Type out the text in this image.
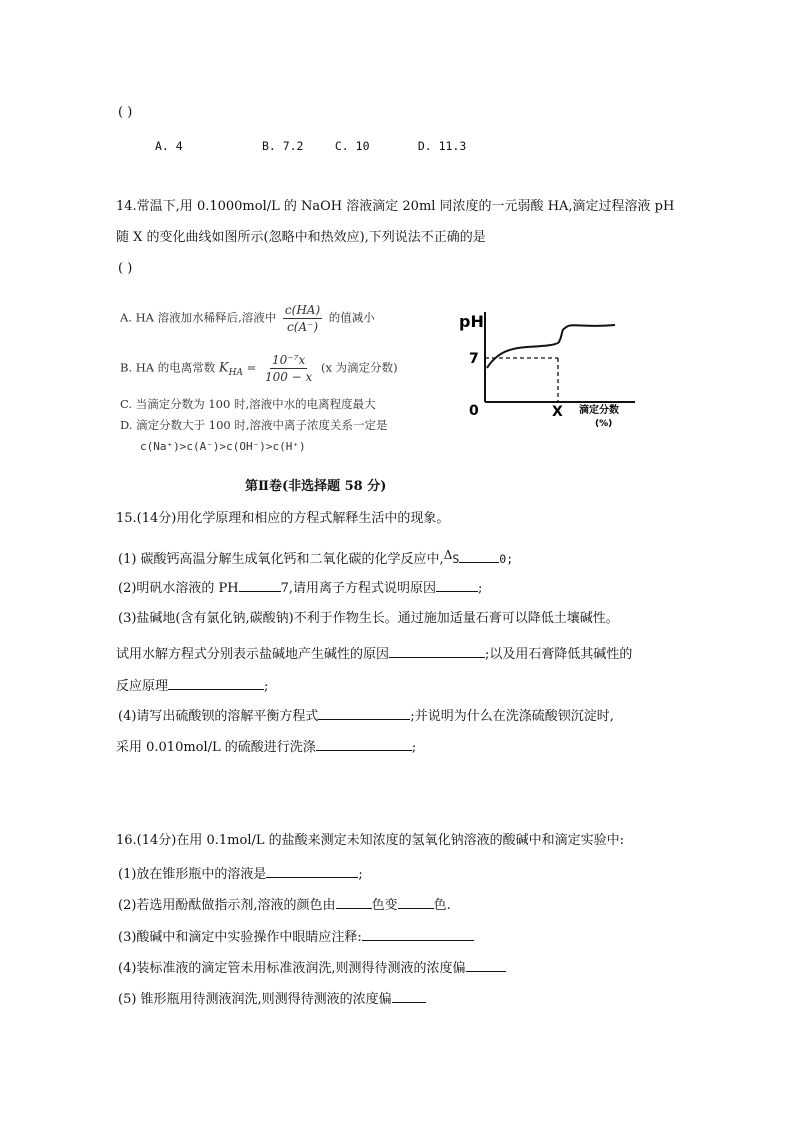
( )
A. 4	B. 7.2	C. 10	D. 11.3
14.常温下,用 0.1000mol/L 的 NaOH 溶液滴定 20ml 同浓度的一元弱酸 HA,滴定过程溶液 pH
随 X 的变化曲线如图所示(忽略中和热效应),下列说法不正确的是
( )
A. HA 溶液加水稀释后,溶液中 $\frac{c(HA)}{c(A^-)}$ 的值减小
B. HA 的电离常数 $K_{HA} = \frac{\text{10⁻⁷x}}{100 - x} (x$ 为滴定分数)
C. 当滴定分数为 100 时,溶液中水的电离程度最大
D. 滴定分数大于 100 时,溶液中离子浓度关系一定是
c(Na⁺)>c(A⁻)>c(OH⁻)>c(H⁺)
pH
7
0	X 滴定分数
(%)
第Ⅱ卷(非选择题 58 分)
15.(14分)用化学原理和相应的方程式解释生活中的现象。
(1) 碳酸钙高温分解生成氧化钙和二氧化碳的化学反应中,ΔS	0;
(2)明矾水溶液的 PH	7,请用离子方程式说明原因	;
(3)盐碱地(含有氯化钠,碳酸钠)不利于作物生长。通过施加适量石膏可以降低土壤碱性。
试用水解方程式分别表示盐碱地产生碱性的原因	;以及用石膏降低其碱性的
反应原理	;
(4)请写出硫酸钡的溶解平衡方程式	;并说明为什么在洗涤硫酸钡沉淀时,
采用 0.010mol/L 的硫酸进行洗涤	;
16.(14分)在用 0.1mol/L 的盐酸来测定未知浓度的氢氧化钠溶液的酸碱中和滴定实验中:
(1)放在锥形瓶中的溶液是	;
(2)若选用酚酞做指示剂,溶液的颜色由	色变	色.
(3)酸碱中和滴定中实验操作中眼睛应注释:
(4)装标准液的滴定管未用标准液润洗,则测得待测液的浓度偏
(5) 锥形瓶用待测液润洗,则测得待测液的浓度偏
